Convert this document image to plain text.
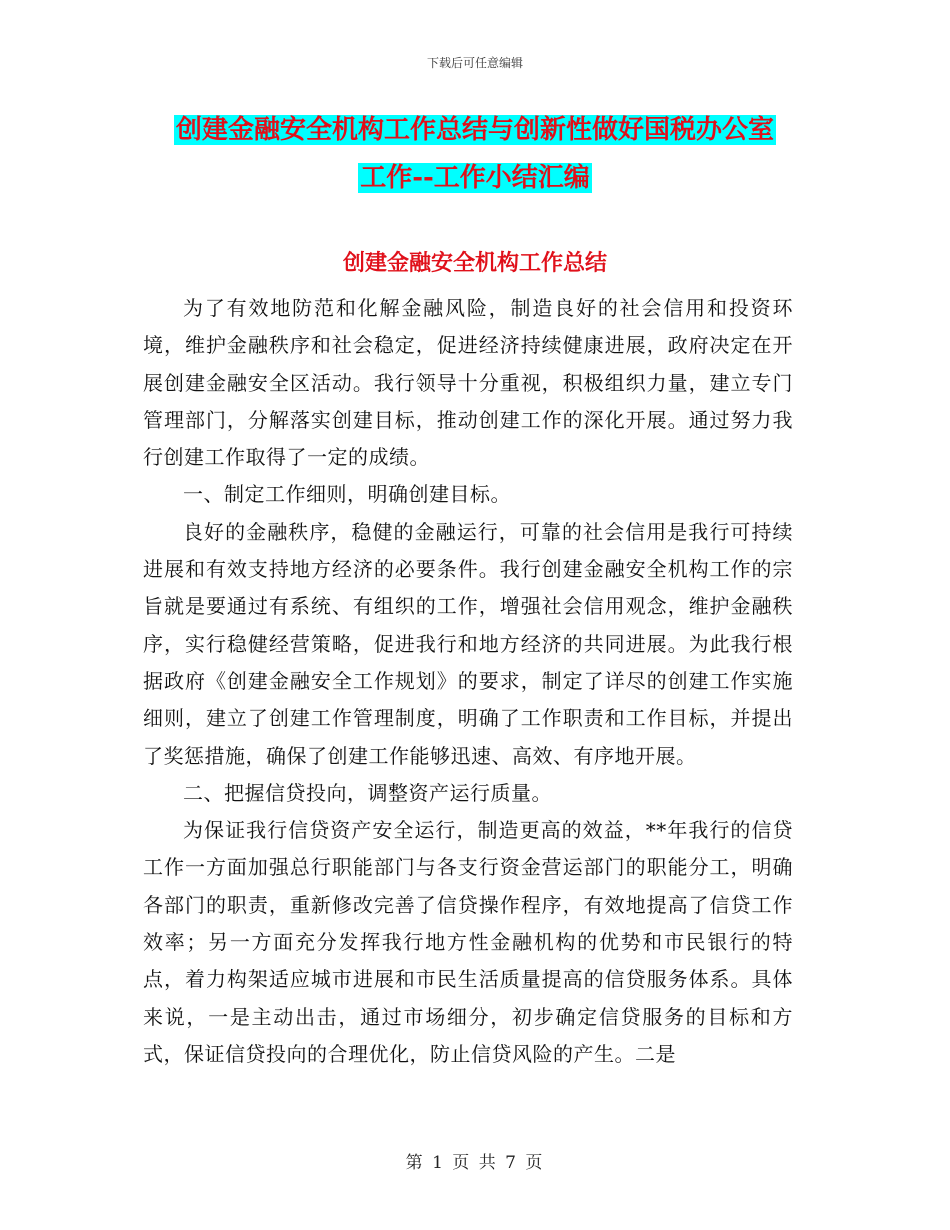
下载后可任意编辑
创建金融安全机构工作总结与创新性做好国税办公室
工作--工作小结汇编
创建金融安全机构工作总结

为了有效地防范和化解金融风险，制造良好的社会信用和投资环境，维护金融秩序和社会稳定，促进经济持续健康进展，政府决定在开展创建金融安全区活动。我行领导十分重视，积极组织力量，建立专门管理部门，分解落实创建目标，推动创建工作的深化开展。通过努力我行创建工作取得了一定的成绩。

一、制定工作细则，明确创建目标。

良好的金融秩序，稳健的金融运行，可靠的社会信用是我行可持续进展和有效支持地方经济的必要条件。我行创建金融安全机构工作的宗旨就是要通过有系统、有组织的工作，增强社会信用观念，维护金融秩序，实行稳健经营策略，促进我行和地方经济的共同进展。为此我行根据政府《创建金融安全工作规划》的要求，制定了详尽的创建工作实施细则，建立了创建工作管理制度，明确了工作职责和工作目标，并提出了奖惩措施，确保了创建工作能够迅速、高效、有序地开展。

二、把握信贷投向，调整资产运行质量。

为保证我行信贷资产安全运行，制造更高的效益，**年我行的信贷工作一方面加强总行职能部门与各支行资金营运部门的职能分工，明确各部门的职责，重新修改完善了信贷操作程序，有效地提高了信贷工作效率；另一方面充分发挥我行地方性金融机构的优势和市民银行的特点，着力构架适应城市进展和市民生活质量提高的信贷服务体系。具体来说，一是主动出击，通过市场细分，初步确定信贷服务的目标和方式，保证信贷投向的合理优化，防止信贷风险的产生。二是

第 1 页 共 7 页
